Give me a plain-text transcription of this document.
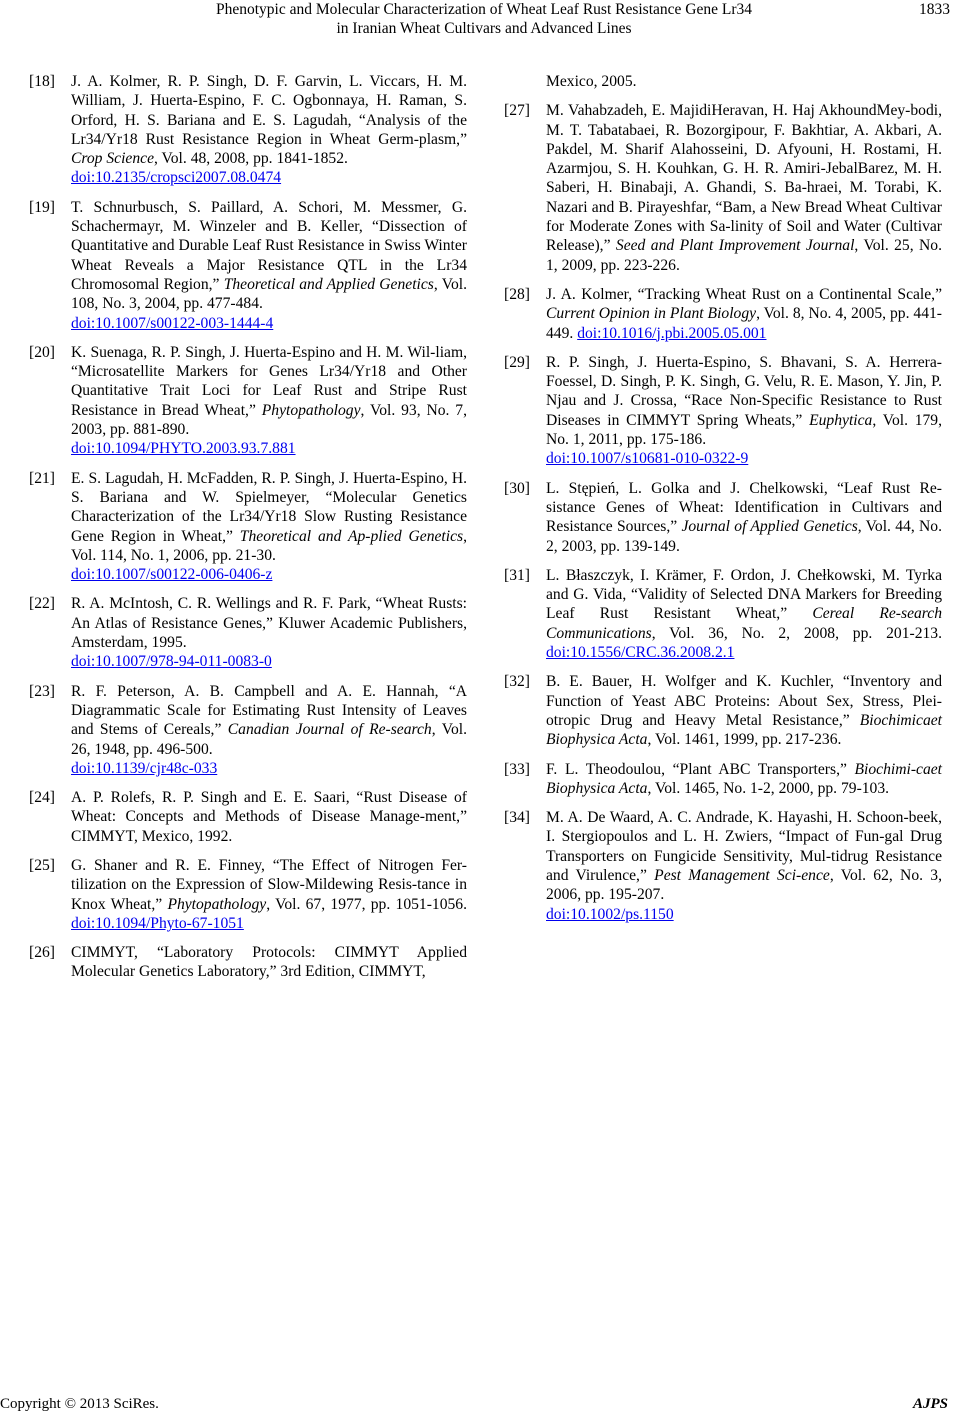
Phenotypic and Molecular Characterization of Wheat Leaf Rust Resistance Gene Lr34
in Iranian Wheat Cultivars and Advanced Lines
1833
[18] J. A. Kolmer, R. P. Singh, D. F. Garvin, L. Viccars, H. M. William, J. Huerta-Espino, F. C. Ogbonnaya, H. Raman, S. Orford, H. S. Bariana and E. S. Lagudah, “Analysis of the Lr34/Yr18 Rust Resistance Region in Wheat Germ-plasm,” Crop Science, Vol. 48, 2008, pp. 1841-1852.
doi:10.2135/cropsci2007.08.0474
[19] T. Schnurbusch, S. Paillard, A. Schori, M. Messmer, G. Schachermayr, M. Winzeler and B. Keller, “Dissection of Quantitative and Durable Leaf Rust Resistance in Swiss Winter Wheat Reveals a Major Resistance QTL in the Lr34 Chromosomal Region,” Theoretical and Applied Genetics, Vol. 108, No. 3, 2004, pp. 477-484.
doi:10.1007/s00122-003-1444-4
[20] K. Suenaga, R. P. Singh, J. Huerta-Espino and H. M. Wil-liam, “Microsatellite Markers for Genes Lr34/Yr18 and Other Quantitative Trait Loci for Leaf Rust and Stripe Rust Resistance in Bread Wheat,” Phytopathology, Vol. 93, No. 7, 2003, pp. 881-890.
doi:10.1094/PHYTO.2003.93.7.881
[21] E. S. Lagudah, H. McFadden, R. P. Singh, J. Huerta-Espino, H. S. Bariana and W. Spielmeyer, “Molecular Genetics Characterization of the Lr34/Yr18 Slow Rusting Resistance Gene Region in Wheat,” Theoretical and Ap-plied Genetics, Vol. 114, No. 1, 2006, pp. 21-30.
doi:10.1007/s00122-006-0406-z
[22] R. A. McIntosh, C. R. Wellings and R. F. Park, “Wheat Rusts: An Atlas of Resistance Genes,” Kluwer Academic Publishers, Amsterdam, 1995.
doi:10.1007/978-94-011-0083-0
[23] R. F. Peterson, A. B. Campbell and A. E. Hannah, “A Diagrammatic Scale for Estimating Rust Intensity of Leaves and Stems of Cereals,” Canadian Journal of Re-search, Vol. 26, 1948, pp. 496-500.
doi:10.1139/cjr48c-033
[24] A. P. Rolefs, R. P. Singh and E. E. Saari, “Rust Disease of Wheat: Concepts and Methods of Disease Manage-ment,” CIMMYT, Mexico, 1992.
[25] G. Shaner and R. E. Finney, “The Effect of Nitrogen Fer-tilization on the Expression of Slow-Mildewing Resis-tance in Knox Wheat,” Phytopathology, Vol. 67, 1977, pp. 1051-1056. doi:10.1094/Phyto-67-1051
[26] CIMMYT, “Laboratory Protocols: CIMMYT Applied Molecular Genetics Laboratory,” 3rd Edition, CIMMYT,
Mexico, 2005.
[27] M. Vahabzadeh, E. MajidiHeravan, H. Haj AkhoundMey-bodi, M. T. Tabatabaei, R. Bozorgipour, F. Bakhtiar, A. Akbari, A. Pakdel, M. Sharif Alahosseini, D. Afyouni, H. Rostami, H. Azarmjou, S. H. Kouhkan, G. H. R. Amiri-JebalBarez, M. H. Saberi, H. Binabaji, A. Ghandi, S. Ba-hraei, M. Torabi, K. Nazari and B. Pirayeshfar, “Bam, a New Bread Wheat Cultivar for Moderate Zones with Sa-linity of Soil and Water (Cultivar Release),” Seed and Plant Improvement Journal, Vol. 25, No. 1, 2009, pp. 223-226.
[28] J. A. Kolmer, “Tracking Wheat Rust on a Continental Scale,” Current Opinion in Plant Biology, Vol. 8, No. 4, 2005, pp. 441-449. doi:10.1016/j.pbi.2005.05.001
[29] R. P. Singh, J. Huerta-Espino, S. Bhavani, S. A. Herrera-Foessel, D. Singh, P. K. Singh, G. Velu, R. E. Mason, Y. Jin, P. Njau and J. Crossa, “Race Non-Specific Resistance to Rust Diseases in CIMMYT Spring Wheats,” Euphytica, Vol. 179, No. 1, 2011, pp. 175-186.
doi:10.1007/s10681-010-0322-9
[30] L. Stępień, L. Golka and J. Chelkowski, “Leaf Rust Re-sistance Genes of Wheat: Identification in Cultivars and Resistance Sources,” Journal of Applied Genetics, Vol. 44, No. 2, 2003, pp. 139-149.
[31] L. Błaszczyk, I. Krämer, F. Ordon, J. Chełkowski, M. Tyrka and G. Vida, “Validity of Selected DNA Markers for Breeding Leaf Rust Resistant Wheat,” Cereal Re-search Communications, Vol. 36, No. 2, 2008, pp. 201-213. doi:10.1556/CRC.36.2008.2.1
[32] B. E. Bauer, H. Wolfger and K. Kuchler, “Inventory and Function of Yeast ABC Proteins: About Sex, Stress, Plei-otropic Drug and Heavy Metal Resistance,” Biochimicaet Biophysica Acta, Vol. 1461, 1999, pp. 217-236.
[33] F. L. Theodoulou, “Plant ABC Transporters,” Biochimi-caet Biophysica Acta, Vol. 1465, No. 1-2, 2000, pp. 79-103.
[34] M. A. De Waard, A. C. Andrade, K. Hayashi, H. Schoon-beek, I. Stergiopoulos and L. H. Zwiers, “Impact of Fun-gal Drug Transporters on Fungicide Sensitivity, Mul-tidrug Resistance and Virulence,” Pest Management Sci-ence, Vol. 62, No. 3, 2006, pp. 195-207.
doi:10.1002/ps.1150
Copyright © 2013 SciRes.	AJPS
